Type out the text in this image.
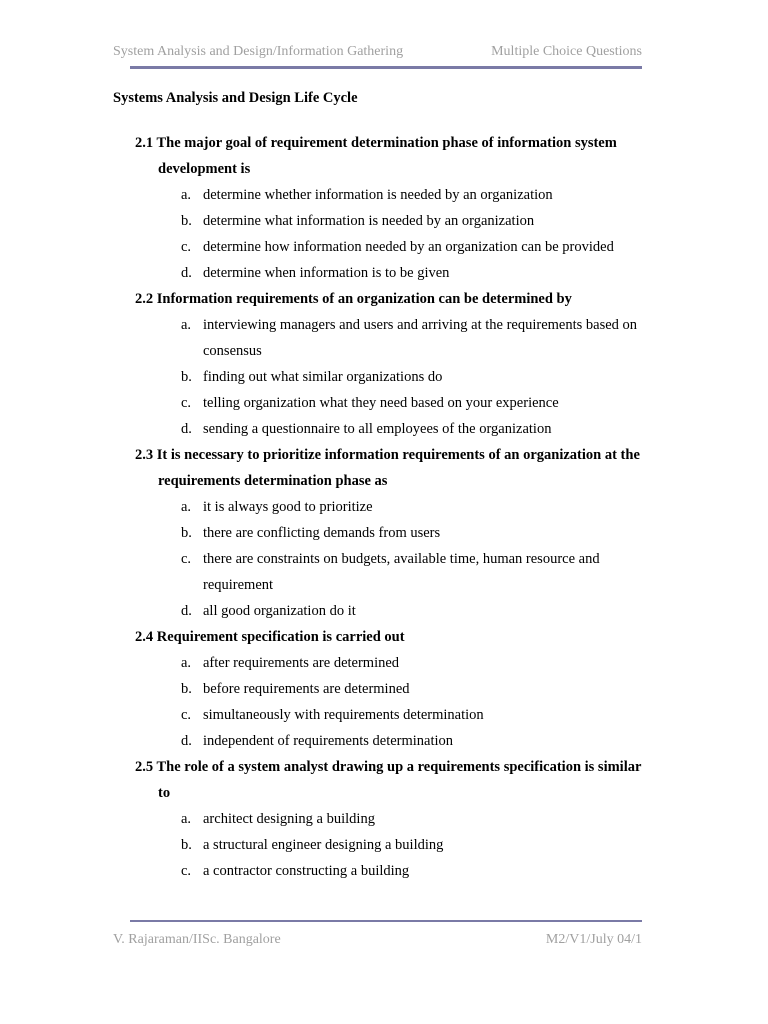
System Analysis and Design/Information Gathering	Multiple Choice Questions
Systems Analysis and Design Life Cycle
2.1 The major goal of requirement determination phase of information system development is
a. determine whether information is needed by an organization
b. determine what information is needed by an organization
c. determine how information needed by an organization can be provided
d. determine when information is to be given
2.2 Information requirements of an organization can be determined by
a. interviewing managers and users and arriving at the requirements based on consensus
b. finding out what similar organizations do
c. telling organization what they need based on your experience
d. sending a questionnaire to all employees of the organization
2.3 It is necessary to prioritize information requirements of an organization at the requirements determination phase as
a. it is always good to prioritize
b. there are conflicting demands from users
c. there are constraints on budgets, available time, human resource and requirement
d. all good organization do it
2.4 Requirement specification is carried out
a. after requirements are determined
b. before requirements are determined
c. simultaneously with requirements determination
d. independent of requirements determination
2.5 The role of a system analyst drawing up a requirements specification is similar to
a. architect designing a building
b. a structural engineer designing a building
c. a contractor constructing a building
V. Rajaraman/IISc. Bangalore	M2/V1/July 04/1
